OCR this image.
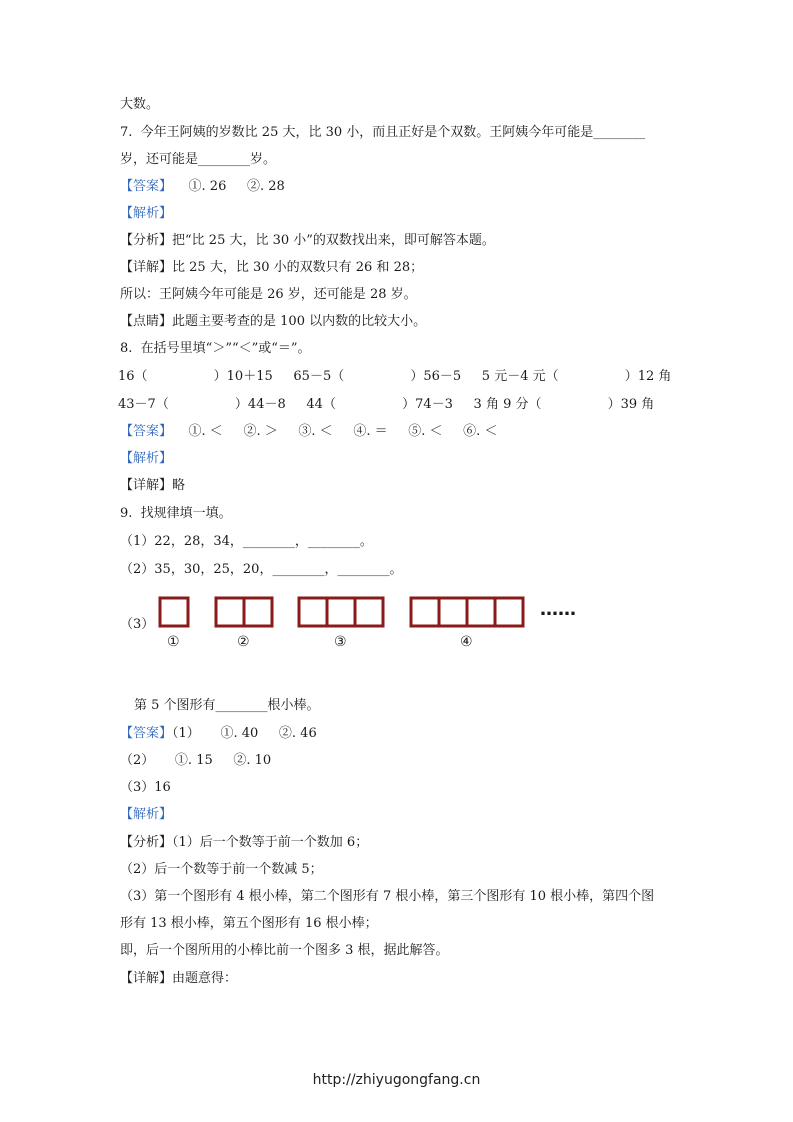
大数。

7.  今年王阿姨的岁数比 25 大，比 30 小，而且正好是个双数。王阿姨今年可能是________

岁，还可能是________岁。

【答案】    ①. 26     ②. 28

【解析】

【分析】把“比 25 大，比 30 小”的双数找出来，即可解答本题。

【详解】比 25 大，比 30 小的双数只有 26 和 28；

所以：王阿姨今年可能是 26 岁，还可能是 28 岁。

【点睛】此题主要考查的是 100 以内数的比较大小。

8.  在括号里填“＞”“＜”或“＝”。

16（                ）10＋15     65－5（                ）56－5     5 元－4 元（                ）12 角

43－7（                ）44－8     44（                ）74－3     3 角 9 分（                ）39 角

【答案】    ①. ＜     ②. ＞     ③. ＜     ④. ＝     ⑤. ＜     ⑥. ＜

【解析】

【详解】略

9.  找规律填一填。

（1）22，28，34，________，________。

（2）35，30，25，20，________，________。

（3）

①	②	③	④
……

第 5 个图形有________根小棒。

【答案】（1）     ①. 40     ②. 46

（2）     ①. 15     ②. 10

（3）16

【解析】

【分析】（1）后一个数等于前一个数加 6；

（2）后一个数等于前一个数减 5；

（3）第一个图形有 4 根小棒，第二个图形有 7 根小棒，第三个图形有 10 根小棒，第四个图

形有 13 根小棒，第五个图形有 16 根小棒；

即，后一个图所用的小棒比前一个图多 3 根，据此解答。

【详解】由题意得：

http://zhiyugongfang.cn
